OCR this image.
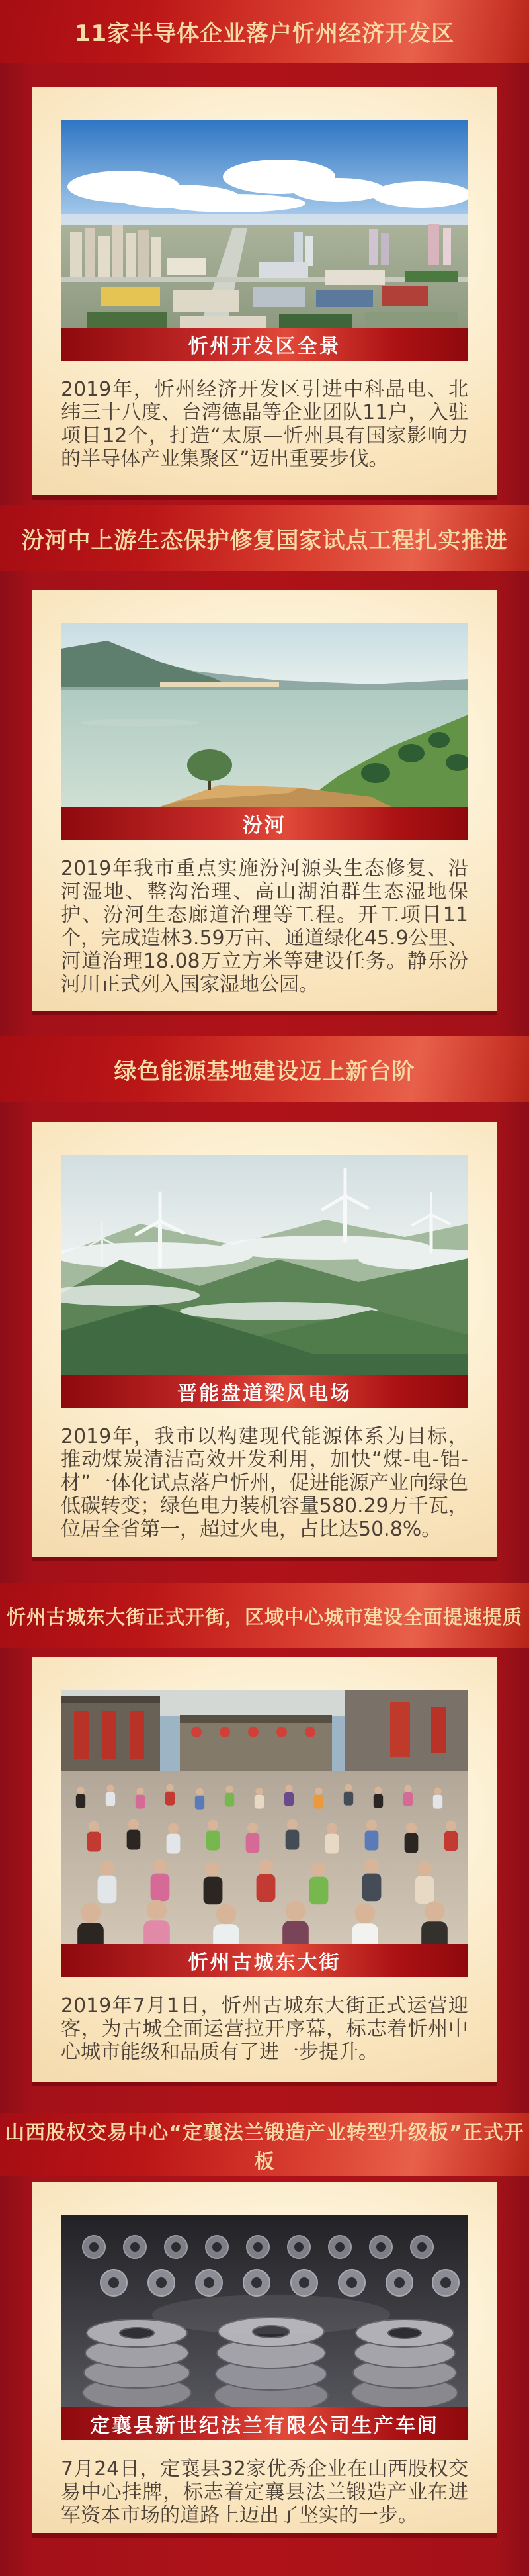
11家半导体企业落户忻州经济开发区
忻州开发区全景

2019年，忻州经济开发区引进中科晶电、北纬三十八度、台湾德晶等企业团队11户，入驻项目12个，打造“太原—忻州具有国家影响力的半导体产业集聚区”迈出重要步伐。

汾河中上游生态保护修复国家试点工程扎实推进
汾河

2019年我市重点实施汾河源头生态修复、沿河湿地、整沟治理、高山湖泊群生态湿地保护、汾河生态廊道治理等工程。开工项目11个，完成造林3.59万亩、通道绿化45.9公里、河道治理18.08万立方米等建设任务。静乐汾河川正式列入国家湿地公园。

绿色能源基地建设迈上新台阶
晋能盘道梁风电场

2019年，我市以构建现代能源体系为目标，推动煤炭清洁高效开发利用，加快“煤-电-铝-材”一体化试点落户忻州，促进能源产业向绿色低碳转变；绿色电力装机容量580.29万千瓦，位居全省第一，超过火电，占比达50.8%。

忻州古城东大街正式开街，区域中心城市建设全面提速提质
忻州古城东大街

2019年7月1日，忻州古城东大街正式运营迎客，为古城全面运营拉开序幕，标志着忻州中心城市能级和品质有了进一步提升。

山西股权交易中心“定襄法兰锻造产业转型升级板”正式开板
定襄县新世纪法兰有限公司生产车间

7月24日，定襄县32家优秀企业在山西股权交易中心挂牌，标志着定襄县法兰锻造产业在进军资本市场的道路上迈出了坚实的一步。
